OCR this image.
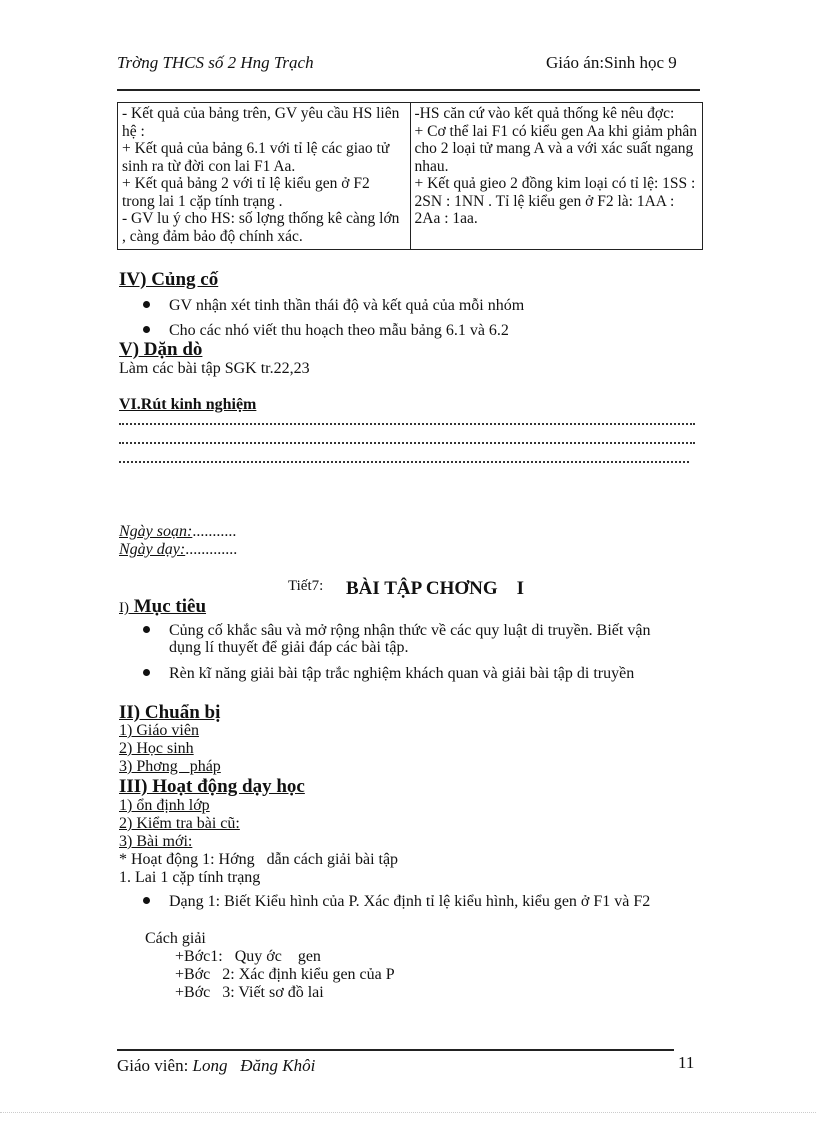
Trờng THCS số 2 Hng Trạch	Giáo án:Sinh học 9
- Kết quả của bảng trên, GV yêu cầu HS liên hệ :
+ Kết quả của bảng 6.1 với tỉ lệ các giao tử sinh ra từ đời con lai F1 Aa.
+ Kết quả bảng 2 với tỉ lệ kiểu gen ở F2 trong lai 1 cặp tính trạng .
- GV lu ý cho HS: số lợng thống kê càng lớn , càng đảm bảo độ chính xác.

-HS căn cứ vào kết quả thống kê nêu đợc:
+ Cơ thể lai F1 có kiểu gen Aa khi giảm phân cho 2 loại tử mang A và a với xác suất ngang nhau.
+ Kết quả gieo 2 đồng kim loại có tỉ lệ: 1SS : 2SN : 1NN . Tỉ lệ kiểu gen ở F2 là: 1AA : 2Aa : 1aa.
IV) Củng cố
GV nhận xét tinh thần thái độ và kết quả của mỗi nhóm
Cho các nhó viết thu hoạch theo mẫu bảng 6.1 và 6.2
V) Dặn dò
Làm các bài tập SGK tr.22,23
VI.Rút kinh nghiệm
Ngày soạn:...........
Ngày dạy:.............
Tiết7: BÀI TẬP CHƠNG    I
I) Mục tiêu
Củng cố khắc sâu và mở rộng nhận thức về các quy luật di truyền. Biết vận dụng lí thuyết để giải đáp các bài tập.
Rèn kĩ năng giải bài tập trắc nghiệm khách quan và giải bài tập di truyền
II) Chuẩn bị
1) Giáo viên
2) Học sinh
3) Phơng   pháp
III) Hoạt động dạy học
1) ổn định lớp
2) Kiểm tra bài cũ:
3) Bài mới:
* Hoạt động 1: Hớng   dẫn cách giải bài tập
1. Lai 1 cặp tính trạng
Dạng 1: Biết Kiểu hình của P. Xác định tỉ lệ kiểu hình, kiểu gen ở F1 và F2
Cách giải
+Bớc1:   Quy ớc    gen
+Bớc   2: Xác định kiểu gen của P
+Bớc   3: Viết sơ đồ lai
Giáo viên: Long   Đăng Khôi	11
